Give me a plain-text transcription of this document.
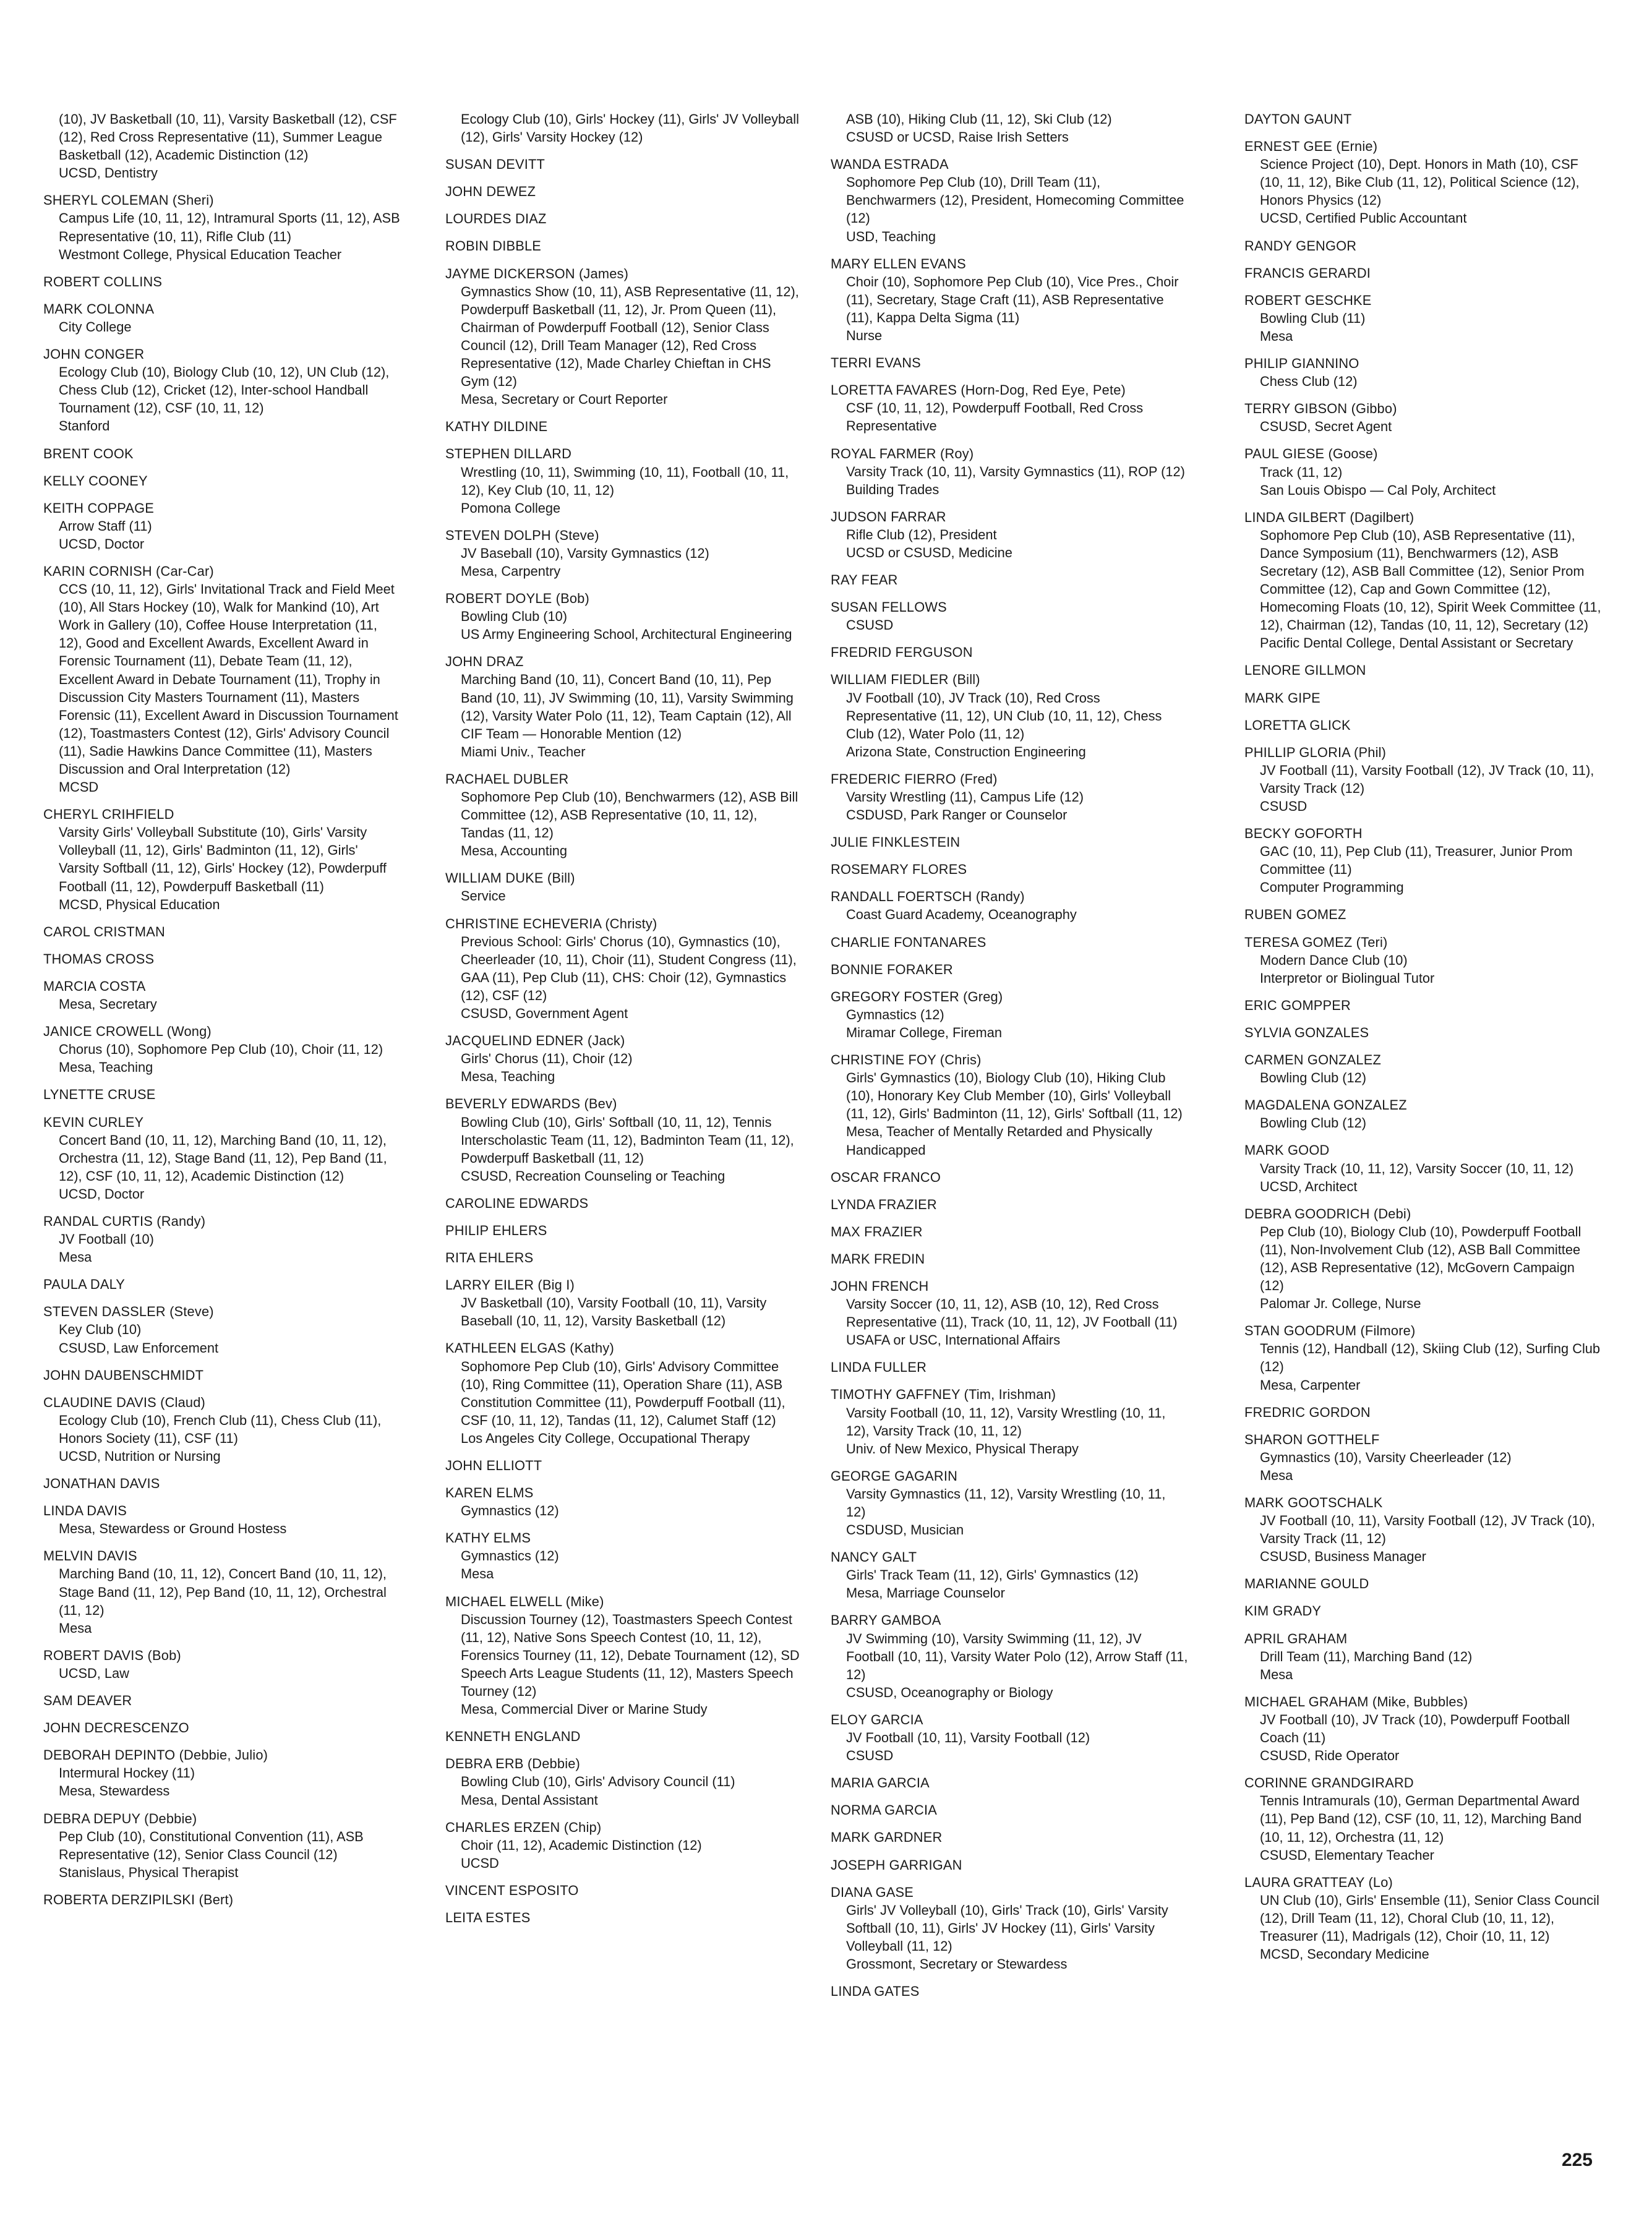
(10), JV Basketball (10, 11), Varsity Basketball (12), CSF (12), Red Cross Representative (11), Summer League Basketball (12), Academic Distinction (12)
UCSD, Dentistry
SHERYL COLEMAN (Sheri)
Campus Life (10, 11, 12), Intramural Sports (11, 12), ASB Representative (10, 11), Rifle Club (11)
Westmont College, Physical Education Teacher
ROBERT COLLINS
MARK COLONNA
City College
JOHN CONGER
Ecology Club (10), Biology Club (10, 12), UN Club (12), Chess Club (12), Cricket (12), Inter-school Handball Tournament (12), CSF (10, 11, 12)
Stanford
BRENT COOK
KELLY COONEY
KEITH COPPAGE
Arrow Staff (11)
UCSD, Doctor
KARIN CORNISH (Car-Car)
CCS (10, 11, 12), Girls' Invitational Track and Field Meet (10), All Stars Hockey (10), Walk for Mankind (10), Art Work in Gallery (10), Coffee House Interpretation (11, 12), Good and Excellent Awards, Excellent Award in Forensic Tournament (11), Debate Team (11, 12), Excellent Award in Debate Tournament (11), Trophy in Discussion City Masters Tournament (11), Masters Forensic (11), Excellent Award in Discussion Tournament (12), Toastmasters Contest (12), Girls' Advisory Council (11), Sadie Hawkins Dance Committee (11), Masters Discussion and Oral Interpretation (12)
MCSD
CHERYL CRIHFIELD
Varsity Girls' Volleyball Substitute (10), Girls' Varsity Volleyball (11, 12), Girls' Badminton (11, 12), Girls' Varsity Softball (11, 12), Girls' Hockey (12), Powderpuff Football (11, 12), Powderpuff Basketball (11)
MCSD, Physical Education
CAROL CRISTMAN
THOMAS CROSS
MARCIA COSTA
Mesa, Secretary
JANICE CROWELL (Wong)
Chorus (10), Sophomore Pep Club (10), Choir (11, 12)
Mesa, Teaching
LYNETTE CRUSE
KEVIN CURLEY
Concert Band (10, 11, 12), Marching Band (10, 11, 12), Orchestra (11, 12), Stage Band (11, 12), Pep Band (11, 12), CSF (10, 11, 12), Academic Distinction (12)
UCSD, Doctor
RANDAL CURTIS (Randy)
JV Football (10)
Mesa
PAULA DALY
STEVEN DASSLER (Steve)
Key Club (10)
CSUSD, Law Enforcement
JOHN DAUBENSCHMIDT
CLAUDINE DAVIS (Claud)
Ecology Club (10), French Club (11), Chess Club (11), Honors Society (11), CSF (11)
UCSD, Nutrition or Nursing
JONATHAN DAVIS
LINDA DAVIS
Mesa, Stewardess or Ground Hostess
MELVIN DAVIS
Marching Band (10, 11, 12), Concert Band (10, 11, 12), Stage Band (11, 12), Pep Band (10, 11, 12), Orchestral (11, 12)
Mesa
ROBERT DAVIS (Bob)
UCSD, Law
SAM DEAVER
JOHN DECRESCENZO
DEBORAH DEPINTO (Debbie, Julio)
Intermural Hockey (11)
Mesa, Stewardess
DEBRA DEPUY (Debbie)
Pep Club (10), Constitutional Convention (11), ASB Representative (12), Senior Class Council (12)
Stanislaus, Physical Therapist
ROBERTA DERZIPILSKI (Bert)
Ecology Club (10), Girls' Hockey (11), Girls' JV Volleyball (12), Girls' Varsity Hockey (12)
SUSAN DEVITT
JOHN DEWEZ
LOURDES DIAZ
ROBIN DIBBLE
JAYME DICKERSON (James)
Gymnastics Show (10, 11), ASB Representative (11, 12), Powderpuff Basketball (11, 12), Jr. Prom Queen (11), Chairman of Powderpuff Football (12), Senior Class Council (12), Drill Team Manager (12), Red Cross Representative (12), Made Charley Chieftan in CHS Gym (12)
Mesa, Secretary or Court Reporter
KATHY DILDINE
STEPHEN DILLARD
Wrestling (10, 11), Swimming (10, 11), Football (10, 11, 12), Key Club (10, 11, 12)
Pomona College
STEVEN DOLPH (Steve)
JV Baseball (10), Varsity Gymnastics (12)
Mesa, Carpentry
ROBERT DOYLE (Bob)
Bowling Club (10)
US Army Engineering School, Architectural Engineering
JOHN DRAZ
Marching Band (10, 11), Concert Band (10, 11), Pep Band (10, 11), JV Swimming (10, 11), Varsity Swimming (12), Varsity Water Polo (11, 12), Team Captain (12), All CIF Team — Honorable Mention (12)
Miami Univ., Teacher
RACHAEL DUBLER
Sophomore Pep Club (10), Benchwarmers (12), ASB Bill Committee (12), ASB Representative (10, 11, 12), Tandas (11, 12)
Mesa, Accounting
WILLIAM DUKE (Bill)
Service
CHRISTINE ECHEVERIA (Christy)
Previous School: Girls' Chorus (10), Gymnastics (10), Cheerleader (10, 11), Choir (11), Student Congress (11), GAA (11), Pep Club (11), CHS: Choir (12), Gymnastics (12), CSF (12)
CSUSD, Government Agent
JACQUELIND EDNER (Jack)
Girls' Chorus (11), Choir (12)
Mesa, Teaching
BEVERLY EDWARDS (Bev)
Bowling Club (10), Girls' Softball (10, 11, 12), Tennis Interscholastic Team (11, 12), Badminton Team (11, 12), Powderpuff Basketball (11, 12)
CSUSD, Recreation Counseling or Teaching
CAROLINE EDWARDS
PHILIP EHLERS
RITA EHLERS
LARRY EILER (Big I)
JV Basketball (10), Varsity Football (10, 11), Varsity Baseball (10, 11, 12), Varsity Basketball (12)
KATHLEEN ELGAS (Kathy)
Sophomore Pep Club (10), Girls' Advisory Committee (10), Ring Committee (11), Operation Share (11), ASB Constitution Committee (11), Powderpuff Football (11), CSF (10, 11, 12), Tandas (11, 12), Calumet Staff (12)
Los Angeles City College, Occupational Therapy
JOHN ELLIOTT
KAREN ELMS
Gymnastics (12)
KATHY ELMS
Gymnastics (12)
Mesa
MICHAEL ELWELL (Mike)
Discussion Tourney (12), Toastmasters Speech Contest (11, 12), Native Sons Speech Contest (10, 11, 12), Forensics Tourney (11, 12), Debate Tournament (12), SD Speech Arts League Students (11, 12), Masters Speech Tourney (12)
Mesa, Commercial Diver or Marine Study
KENNETH ENGLAND
DEBRA ERB (Debbie)
Bowling Club (10), Girls' Advisory Council (11)
Mesa, Dental Assistant
CHARLES ERZEN (Chip)
Choir (11, 12), Academic Distinction (12)
UCSD
VINCENT ESPOSITO
LEITA ESTES
ASB (10), Hiking Club (11, 12), Ski Club (12)
CSUSD or UCSD, Raise Irish Setters
WANDA ESTRADA
Sophomore Pep Club (10), Drill Team (11), Benchwarmers (12), President, Homecoming Committee (12)
USD, Teaching
MARY ELLEN EVANS
Choir (10), Sophomore Pep Club (10), Vice Pres., Choir (11), Secretary, Stage Craft (11), ASB Representative (11), Kappa Delta Sigma (11)
Nurse
TERRI EVANS
LORETTA FAVARES (Horn-Dog, Red Eye, Pete)
CSF (10, 11, 12), Powderpuff Football, Red Cross Representative
ROYAL FARMER (Roy)
Varsity Track (10, 11), Varsity Gymnastics (11), ROP (12)
Building Trades
JUDSON FARRAR
Rifle Club (12), President
UCSD or CSUSD, Medicine
RAY FEAR
SUSAN FELLOWS
CSUSD
FREDRID FERGUSON
WILLIAM FIEDLER (Bill)
JV Football (10), JV Track (10), Red Cross Representative (11, 12), UN Club (10, 11, 12), Chess Club (12), Water Polo (11, 12)
Arizona State, Construction Engineering
FREDERIC FIERRO (Fred)
Varsity Wrestling (11), Campus Life (12)
CSDUSD, Park Ranger or Counselor
JULIE FINKLESTEIN
ROSEMARY FLORES
RANDALL FOERTSCH (Randy)
Coast Guard Academy, Oceanography
CHARLIE FONTANARES
BONNIE FORAKER
GREGORY FOSTER (Greg)
Gymnastics (12)
Miramar College, Fireman
CHRISTINE FOY (Chris)
Girls' Gymnastics (10), Biology Club (10), Hiking Club (10), Honorary Key Club Member (10), Girls' Volleyball (11, 12), Girls' Badminton (11, 12), Girls' Softball (11, 12)
Mesa, Teacher of Mentally Retarded and Physically Handicapped
OSCAR FRANCO
LYNDA FRAZIER
MAX FRAZIER
MARK FREDIN
JOHN FRENCH
Varsity Soccer (10, 11, 12), ASB (10, 12), Red Cross Representative (11), Track (10, 11, 12), JV Football (11)
USAFA or USC, International Affairs
LINDA FULLER
TIMOTHY GAFFNEY (Tim, Irishman)
Varsity Football (10, 11, 12), Varsity Wrestling (10, 11, 12), Varsity Track (10, 11, 12)
Univ. of New Mexico, Physical Therapy
GEORGE GAGARIN
Varsity Gymnastics (11, 12), Varsity Wrestling (10, 11, 12)
CSDUSD, Musician
NANCY GALT
Girls' Track Team (11, 12), Girls' Gymnastics (12)
Mesa, Marriage Counselor
BARRY GAMBOA
JV Swimming (10), Varsity Swimming (11, 12), JV Football (10, 11), Varsity Water Polo (12), Arrow Staff (11, 12)
CSUSD, Oceanography or Biology
ELOY GARCIA
JV Football (10, 11), Varsity Football (12)
CSUSD
MARIA GARCIA
NORMA GARCIA
MARK GARDNER
JOSEPH GARRIGAN
DIANA GASE
Girls' JV Volleyball (10), Girls' Track (10), Girls' Varsity Softball (10, 11), Girls' JV Hockey (11), Girls' Varsity Volleyball (11, 12)
Grossmont, Secretary or Stewardess
LINDA GATES
DAYTON GAUNT
ERNEST GEE (Ernie)
Science Project (10), Dept. Honors in Math (10), CSF (10, 11, 12), Bike Club (11, 12), Political Science (12), Honors Physics (12)
UCSD, Certified Public Accountant
RANDY GENGOR
FRANCIS GERARDI
ROBERT GESCHKE
Bowling Club (11)
Mesa
PHILIP GIANNINO
Chess Club (12)
TERRY GIBSON (Gibbo)
CSUSD, Secret Agent
PAUL GIESE (Goose)
Track (11, 12)
San Louis Obispo — Cal Poly, Architect
LINDA GILBERT (Dagilbert)
Sophomore Pep Club (10), ASB Representative (11), Dance Symposium (11), Benchwarmers (12), ASB Secretary (12), ASB Ball Committee (12), Senior Prom Committee (12), Cap and Gown Committee (12), Homecoming Floats (10, 12), Spirit Week Committee (11, 12), Chairman (12), Tandas (10, 11, 12), Secretary (12)
Pacific Dental College, Dental Assistant or Secretary
LENORE GILLMON
MARK GIPE
LORETTA GLICK
PHILLIP GLORIA (Phil)
JV Football (11), Varsity Football (12), JV Track (10, 11), Varsity Track (12)
CSUSD
BECKY GOFORTH
GAC (10, 11), Pep Club (11), Treasurer, Junior Prom Committee (11)
Computer Programming
RUBEN GOMEZ
TERESA GOMEZ (Teri)
Modern Dance Club (10)
Interpretor or Biolingual Tutor
ERIC GOMPPER
SYLVIA GONZALES
CARMEN GONZALEZ
Bowling Club (12)
MAGDALENA GONZALEZ
Bowling Club (12)
MARK GOOD
Varsity Track (10, 11, 12), Varsity Soccer (10, 11, 12)
UCSD, Architect
DEBRA GOODRICH (Debi)
Pep Club (10), Biology Club (10), Powderpuff Football (11), Non-Involvement Club (12), ASB Ball Committee (12), ASB Representative (12), McGovern Campaign (12)
Palomar Jr. College, Nurse
STAN GOODRUM (Filmore)
Tennis (12), Handball (12), Skiing Club (12), Surfing Club (12)
Mesa, Carpenter
FREDRIC GORDON
SHARON GOTTHELF
Gymnastics (10), Varsity Cheerleader (12)
Mesa
MARK GOOTSCHALK
JV Football (10, 11), Varsity Football (12), JV Track (10), Varsity Track (11, 12)
CSUSD, Business Manager
MARIANNE GOULD
KIM GRADY
APRIL GRAHAM
Drill Team (11), Marching Band (12)
Mesa
MICHAEL GRAHAM (Mike, Bubbles)
JV Football (10), JV Track (10), Powderpuff Football Coach (11)
CSUSD, Ride Operator
CORINNE GRANDGIRARD
Tennis Intramurals (10), German Departmental Award (11), Pep Band (12), CSF (10, 11, 12), Marching Band (10, 11, 12), Orchestra (11, 12)
CSUSD, Elementary Teacher
LAURA GRATTEAY (Lo)
UN Club (10), Girls' Ensemble (11), Senior Class Council (12), Drill Team (11, 12), Choral Club (10, 11, 12), Treasurer (11), Madrigals (12), Choir (10, 11, 12)
MCSD, Secondary Medicine
225
